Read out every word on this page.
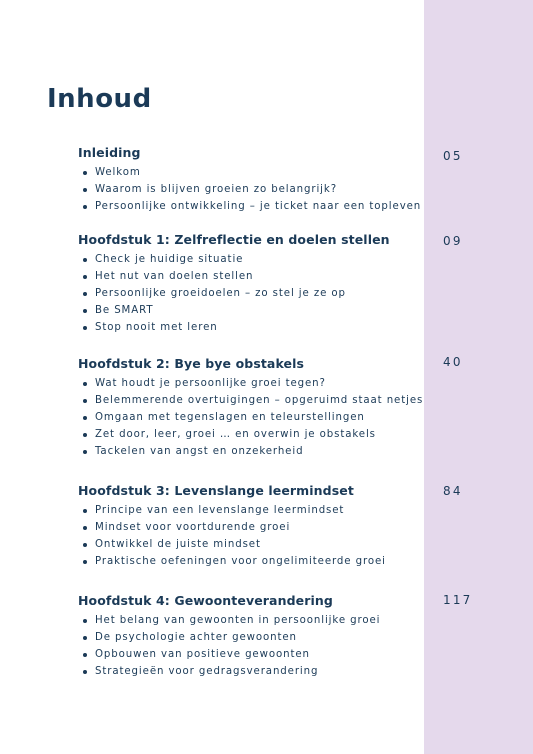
Inhoud
Inleiding
Welkom
Waarom is blijven groeien zo belangrijk?
Persoonlijke ontwikkeling – je ticket naar een topleven
05
Hoofdstuk 1: Zelfreflectie en doelen stellen
Check je huidige situatie
Het nut van doelen stellen
Persoonlijke groeidoelen – zo stel je ze op
Be SMART
Stop nooit met leren
09
Hoofdstuk 2: Bye bye obstakels
Wat houdt je persoonlijke groei tegen?
Belemmerende overtuigingen – opgeruimd staat netjes
Omgaan met tegenslagen en teleurstellingen
Zet door, leer, groei … en overwin je obstakels
Tackelen van angst en onzekerheid
40
Hoofdstuk 3: Levenslange leermindset
Principe van een levenslange leermindset
Mindset voor voortdurende groei
Ontwikkel de juiste mindset
Praktische oefeningen voor ongelimiteerde groei
84
Hoofdstuk 4: Gewoonteverandering
Het belang van gewoonten in persoonlijke groei
De psychologie achter gewoonten
Opbouwen van positieve gewoonten
Strategieën voor gedragsverandering
117
